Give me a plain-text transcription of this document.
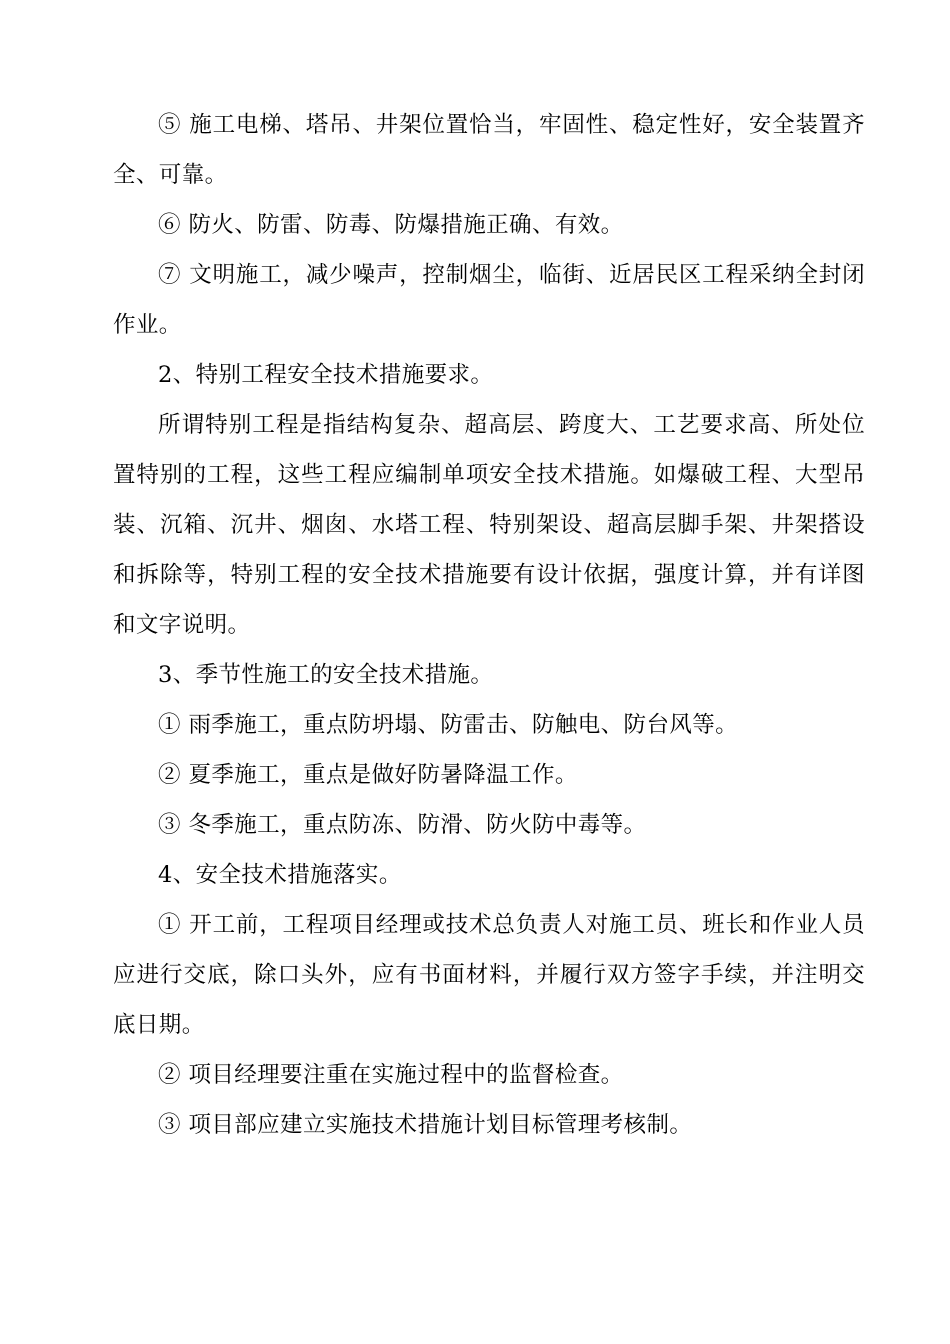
⑤ 施工电梯、塔吊、井架位置恰当，牢固性、稳定性好，安全装置齐全、可靠。

⑥ 防火、防雷、防毒、防爆措施正确、有效。

⑦ 文明施工，减少噪声，控制烟尘，临街、近居民区工程采纳全封闭作业。

2、特别工程安全技术措施要求。

所谓特别工程是指结构复杂、超高层、跨度大、工艺要求高、所处位置特别的工程，这些工程应编制单项安全技术措施。如爆破工程、大型吊装、沉箱、沉井、烟囱、水塔工程、特别架设、超高层脚手架、井架搭设和拆除等，特别工程的安全技术措施要有设计依据，强度计算，并有详图和文字说明。

3、季节性施工的安全技术措施。

① 雨季施工，重点防坍塌、防雷击、防触电、防台风等。

② 夏季施工，重点是做好防暑降温工作。

③ 冬季施工，重点防冻、防滑、防火防中毒等。

4、安全技术措施落实。

① 开工前，工程项目经理或技术总负责人对施工员、班长和作业人员应进行交底，除口头外，应有书面材料，并履行双方签字手续，并注明交底日期。

② 项目经理要注重在实施过程中的监督检查。

③ 项目部应建立实施技术措施计划目标管理考核制。
